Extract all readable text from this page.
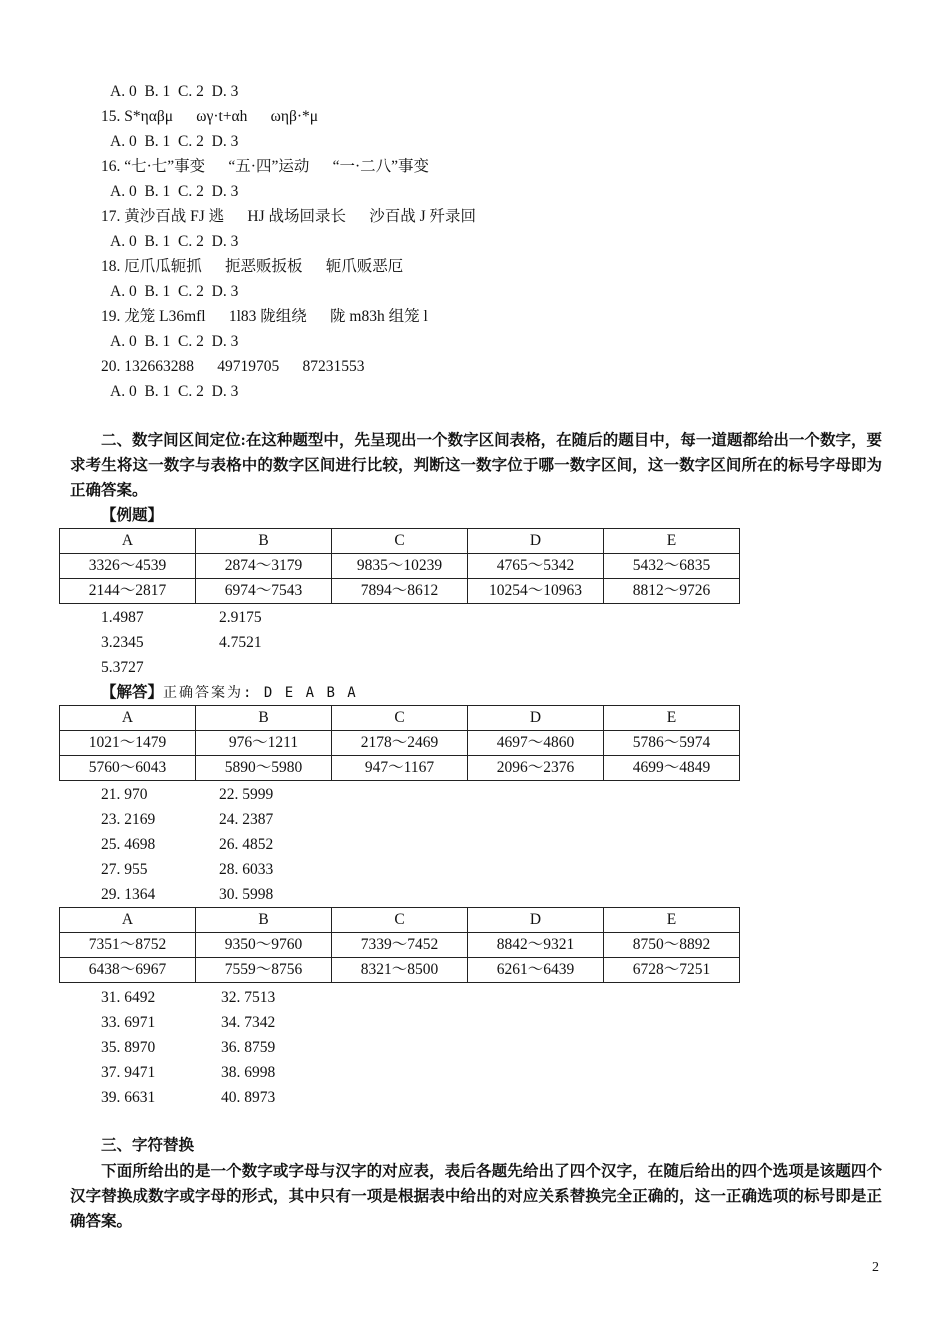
A. 0  B. 1  C. 2  D. 3
15. S*ηαβμ      ωγ·t+αh      ωηβ·*μ
A. 0  B. 1  C. 2  D. 3
16. “七·七”事变      “五·四”运动      “一·二八”事变
A. 0  B. 1  C. 2  D. 3
17. 黄沙百战 FJ 逃      HJ 战场回录长      沙百战 J 歼录回
A. 0  B. 1  C. 2  D. 3
18. 厄爪瓜轭抓      扼恶贩扳板      轭爪贩恶厄
A. 0  B. 1  C. 2  D. 3
19. 龙笼 L36mfl      1l83 陇组绕      陇 m83h 组笼 l
A. 0  B. 1  C. 2  D. 3
20. 132663288      49719705      87231553
A. 0  B. 1  C. 2  D. 3
二、数字间区间定位:在这种题型中，先呈现出一个数字区间表格，在随后的题目中，每一道题都给出一个数字，要求考生将这一数字与表格中的数字区间进行比较，判断这一数字位于哪一数字区间，这一数字区间所在的标号字母即为正确答案。
【例题】
A	B	C	D	E
3326～4539	2874～3179	9835～10239	4765～5342	5432～6835
2144～2817	6974～7543	7894～8612	10254～10963	8812～9726
1.4987	2.9175
3.2345	4.7521
5.3727
【解答】正确答案为: D E A B A
A	B	C	D	E
1021～1479	976～1211	2178～2469	4697～4860	5786～5974
5760～6043	5890～5980	947～1167	2096～2376	4699～4849
21. 970	22. 5999
23. 2169	24. 2387
25. 4698	26. 4852
27. 955	28. 6033
29. 1364	30. 5998
A	B	C	D	E
7351～8752	9350～9760	7339～7452	8842～9321	8750～8892
6438～6967	7559～8756	8321～8500	6261～6439	6728～7251
31. 6492	32. 7513
33. 6971	34. 7342
35. 8970	36. 8759
37. 9471	38. 6998
39. 6631	40. 8973
三、字符替换
下面所给出的是一个数字或字母与汉字的对应表，表后各题先给出了四个汉字，在随后给出的四个选项是该题四个汉字替换成数字或字母的形式，其中只有一项是根据表中给出的对应关系替换完全正确的，这一正确选项的标号即是正确答案。
2
